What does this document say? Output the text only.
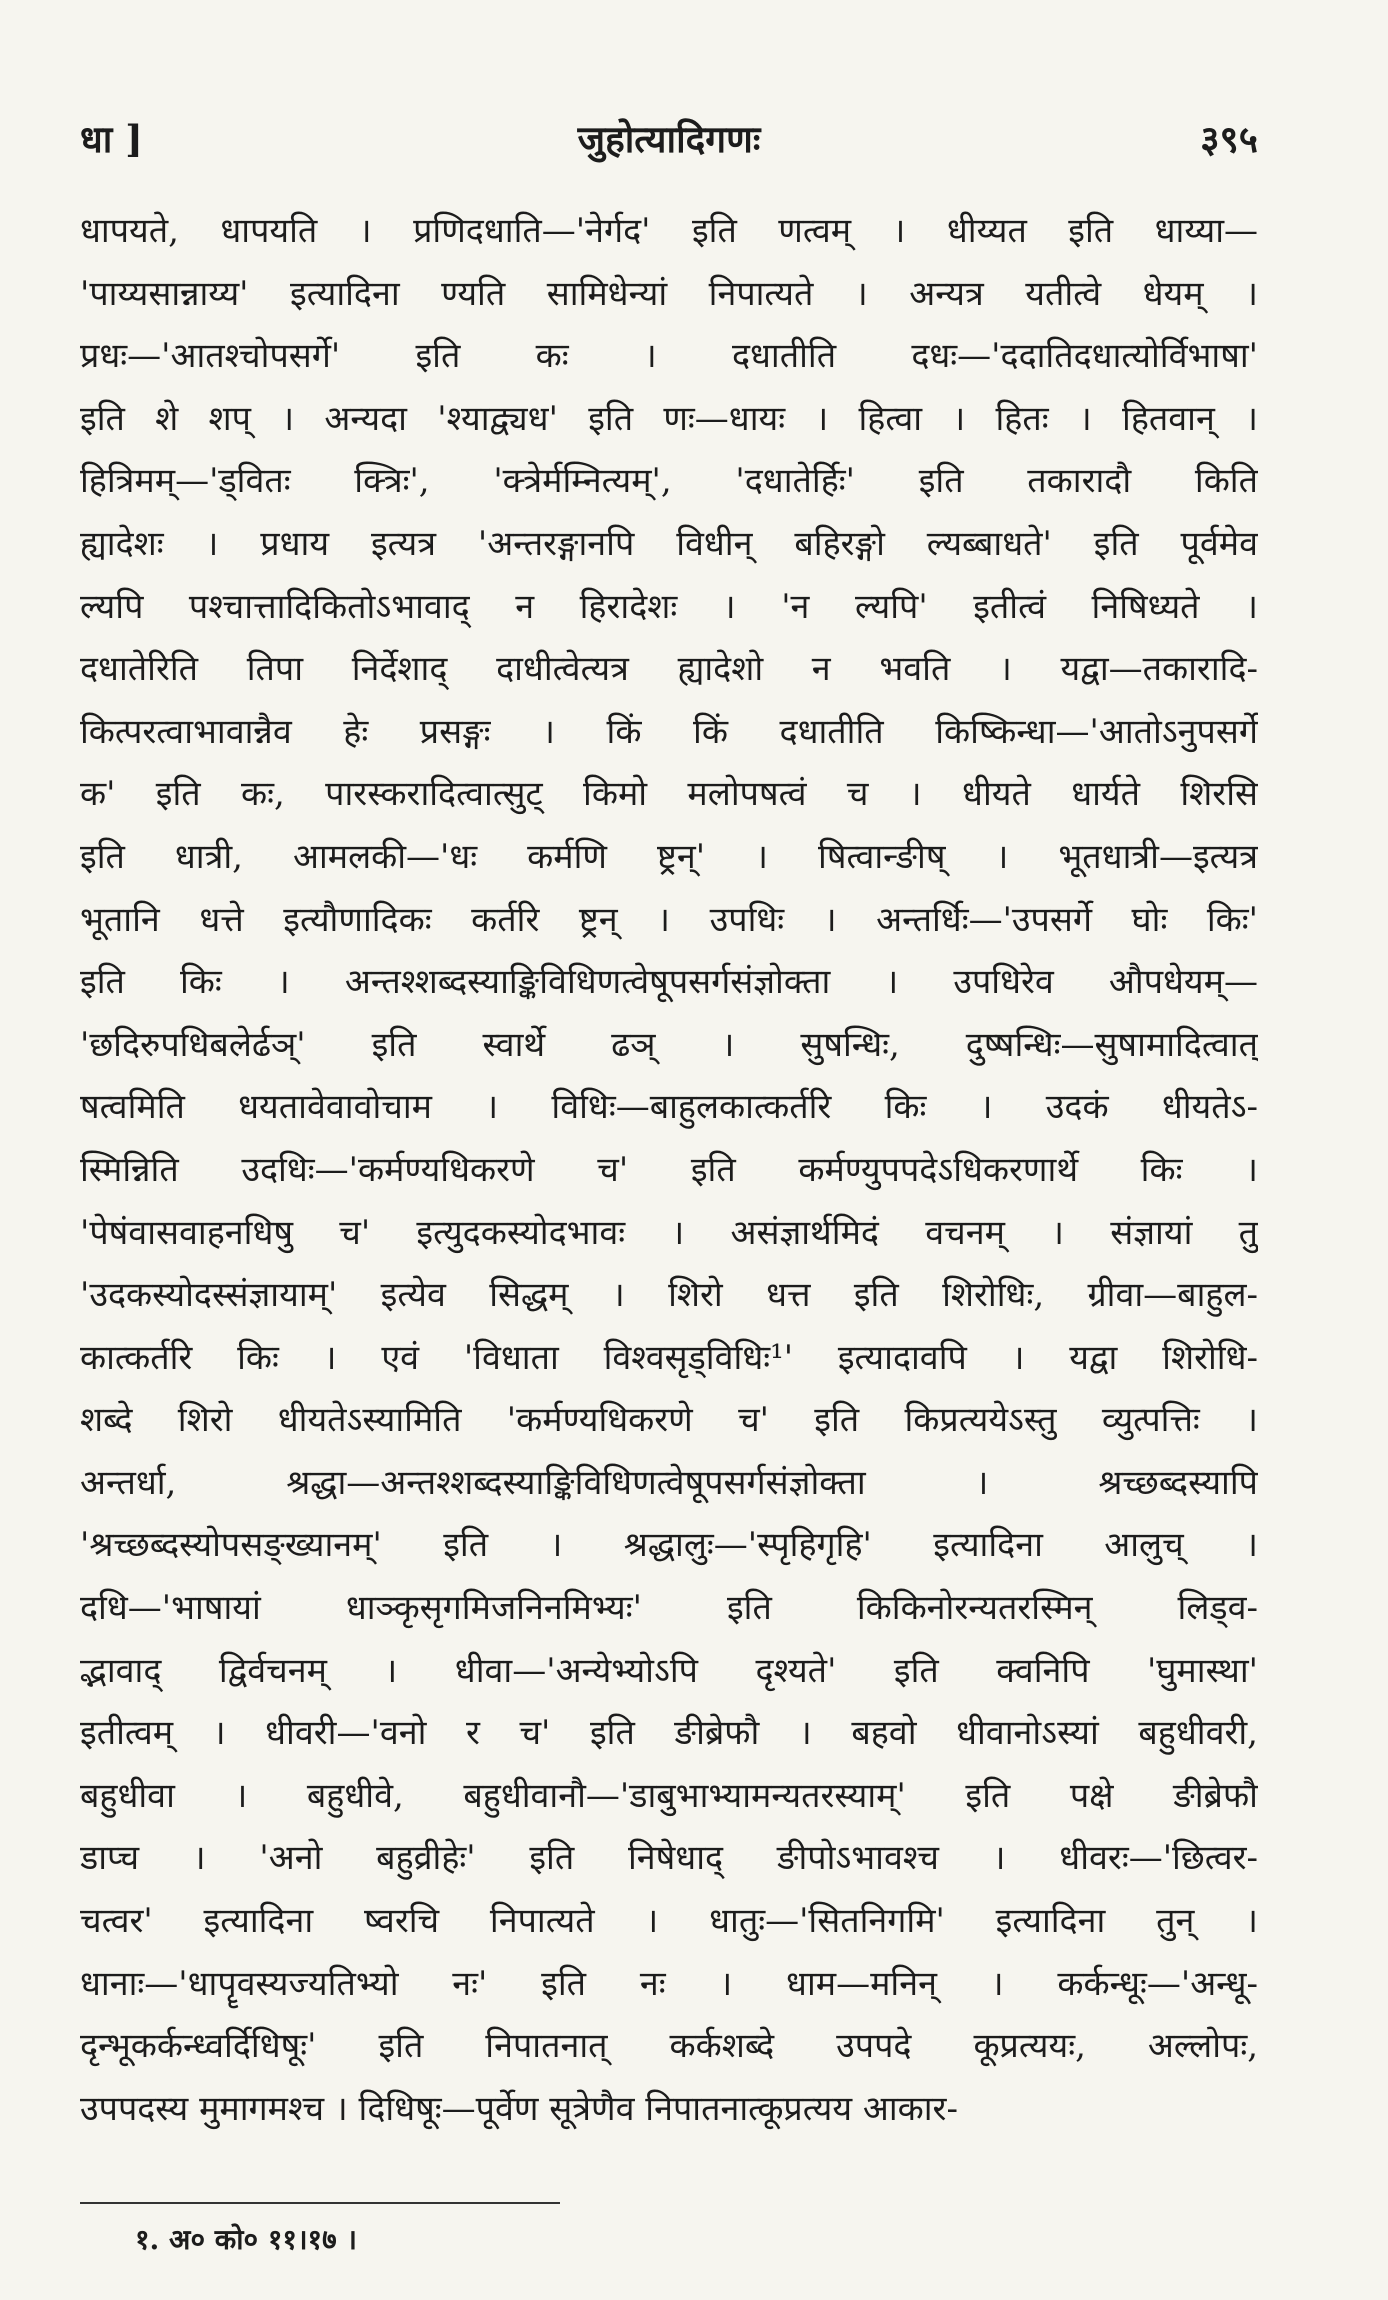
धा ]	जुहोत्यादिगणः	३९५
धापयते, धापयति । प्रणिदधाति—'नेर्गद' इति णत्वम् । धीय्यत इति धाय्या—
'पाय्यसान्नाय्य' इत्यादिना ण्यति सामिधेन्यां निपात्यते । अन्यत्र यतीत्वे धेयम् ।
प्रधः—'आतश्चोपसर्गे' इति कः । दधातीति दधः—'ददातिदधात्योर्विभाषा'
इति शे शप् । अन्यदा 'श्याद्व्यध' इति णः—धायः । हित्वा । हितः । हितवान् ।
हित्रिमम्—'ड्वितः क्त्रिः', 'क्त्रेर्मम्नित्यम्', 'दधातेर्हिः' इति तकारादौ किति
ह्यादेशः । प्रधाय इत्यत्र 'अन्तरङ्गानपि विधीन् बहिरङ्गो ल्यब्बाधते' इति पूर्वमेव
ल्यपि पश्चात्तादिकितोऽभावाद् न हिरादेशः । 'न ल्यपि' इतीत्वं निषिध्यते ।
दधातेरिति तिपा निर्देशाद् दाधीत्वेत्यत्र ह्यादेशो न भवति । यद्वा—तकारादि-
कित्परत्वाभावान्नैव हेः प्रसङ्गः । किं किं दधातीति किष्किन्धा—'आतोऽनुपसर्गे
क' इति कः, पारस्करादित्वात्सुट् किमो मलोपषत्वं च । धीयते धार्यते शिरसि
इति धात्री, आमलकी—'धः कर्मणि ष्ट्रन्' । षित्वान्ङीष् । भूतधात्री—इत्यत्र
भूतानि धत्ते इत्यौणादिकः कर्तरि ष्ट्रन् । उपधिः । अन्तर्धिः—'उपसर्गे घोः किः'
इति किः । अन्तश्शब्दस्याङ्किविधिणत्वेषूपसर्गसंज्ञोक्ता । उपधिरेव औपधेयम्—
'छदिरुपधिबलेर्ढञ्' इति स्वार्थे ढञ् । सुषन्धिः, दुष्षन्धिः—सुषामादित्वात्
षत्वमिति धयतावेवावोचाम । विधिः—बाहुलकात्कर्तरि किः । उदकं धीयतेऽ-
स्मिन्निति उदधिः—'कर्मण्यधिकरणे च' इति कर्मण्युपपदेऽधिकरणार्थे किः ।
'पेषंवासवाहनधिषु च' इत्युदकस्योदभावः । असंज्ञार्थमिदं वचनम् । संज्ञायां तु
'उदकस्योदस्संज्ञायाम्' इत्येव सिद्धम् । शिरो धत्त इति शिरोधिः, ग्रीवा—बाहुल-
कात्कर्तरि किः । एवं 'विधाता विश्वसृड्विधिः¹' इत्यादावपि । यद्वा शिरोधि-
शब्दे शिरो धीयतेऽस्यामिति 'कर्मण्यधिकरणे च' इति किप्रत्ययेऽस्तु व्युत्पत्तिः ।
अन्तर्धा, श्रद्धा—अन्तश्शब्दस्याङ्किविधिणत्वेषूपसर्गसंज्ञोक्ता । श्रच्छब्दस्यापि
'श्रच्छब्दस्योपसङ्ख्यानम्' इति । श्रद्धालुः—'स्पृहिगृहि' इत्यादिना आलुच् ।
दधि—'भाषायां धाञ्कृसृगमिजनिनमिभ्यः' इति किकिनोरन्यतरस्मिन् लिड्व-
द्भावाद् द्विर्वचनम् । धीवा—'अन्येभ्योऽपि दृश्यते' इति क्वनिपि 'घुमास्था'
इतीत्वम् । धीवरी—'वनो र च' इति ङीब्रेफौ । बहवो धीवानोऽस्यां बहुधीवरी,
बहुधीवा । बहुधीवे, बहुधीवानौ—'डाबुभाभ्यामन्यतरस्याम्' इति पक्षे ङीब्रेफौ
डाप्च । 'अनो बहुव्रीहेः' इति निषेधाद् ङीपोऽभावश्च । धीवरः—'छित्वर-
चत्वर' इत्यादिना ष्वरचि निपात्यते । धातुः—'सितनिगमि' इत्यादिना तुन् ।
धानाः—'धापॄवस्यज्यतिभ्यो नः' इति नः । धाम—मनिन् । कर्कन्धूः—'अन्धू-
दृन्भूकर्कन्ध्वर्दिधिषूः' इति निपातनात् कर्कशब्दे उपपदे कूप्रत्ययः, अल्लोपः,
उपपदस्य मुमागमश्च । दिधिषूः—पूर्वेण सूत्रेणैव निपातनात्कूप्रत्यय आकार-
१. अ० को० ११।१७ ।
